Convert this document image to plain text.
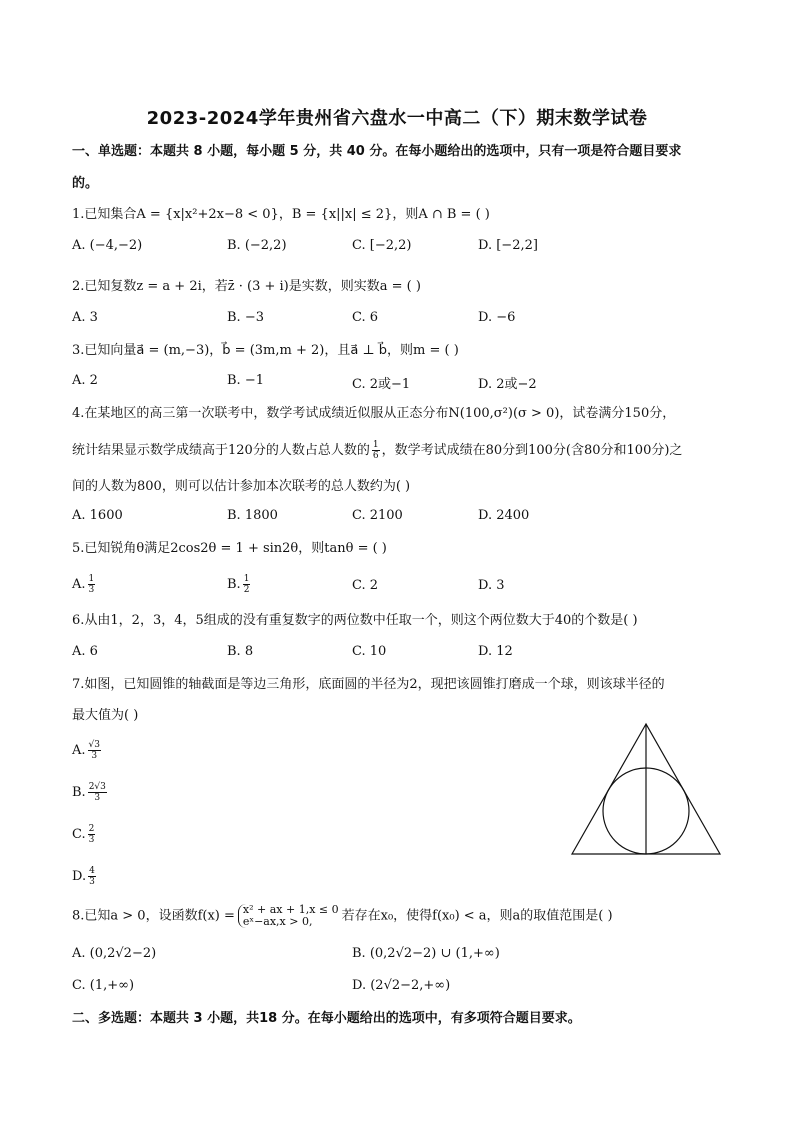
2023-2024学年贵州省六盘水一中高二（下）期末数学试卷
一、单选题：本题共 8 小题，每小题 5 分，共 40 分。在每小题给出的选项中，只有一项是符合题目要求
的。
1.已知集合A = {x|x²+2x−8 < 0}，B = {x||x| ≤ 2}，则A ∩ B = ( )
A. (−4,−2)	B. (−2,2)	C. [−2,2)	D. [−2,2]
2.已知复数z = a + 2i，若z̄ · (3 + i)是实数，则实数a = ( )
A. 3	B. −3	C. 6	D. −6
3.已知向量a⃗ = (m,−3)，b⃗ = (3m,m + 2)，且a⃗ ⊥ b⃗，则m = ( )
A. 2	B. −1	C. 2或−1	D. 2或−2
4.在某地区的高三第一次联考中，数学考试成绩近似服从正态分布N(100,σ²)(σ > 0)，试卷满分150分，
统计结果显示数学成绩高于120分的人数占总人数的 $\frac{1}{6}$ ，数学考试成绩在80分到100分(含80分和100分)之
间的人数为800，则可以估计参加本次联考的总人数约为( )
A. 1600	B. 1800	C. 2100	D. 2400
5.已知锐角θ满足2cos2θ = 1 + sin2θ，则tanθ = ( )
A. $\frac{1}{3}$	B. $\frac{1}{2}$	C. 2	D. 3
6.从由1，2，3，4，5组成的没有重复数字的两位数中任取一个，则这个两位数大于40的个数是( )
A. 6	B. 8	C. 10	D. 12
7.如图，已知圆锥的轴截面是等边三角形，底面圆的半径为2，现把该圆锥打磨成一个球，则该球半径的
最大值为( )
A. $\frac{√3}{3}$
B. $\frac{2√3}{3}$
C. $\frac{2}{3}$
D. $\frac{4}{3}$
8.已知a > 0，设函数f(x) = x² + ax + 1,x ≤ 0
eˣ−ax,x > 0,	若存在x₀，使得f(x₀) < a，则a的取值范围是( )
A. (0,2√2−2)	B. (0,2√2−2) ∪ (1,+∞)
C. (1,+∞)	D. (2√2−2,+∞)
二、多选题：本题共 3 小题，共18 分。在每小题给出的选项中，有多项符合题目要求。
